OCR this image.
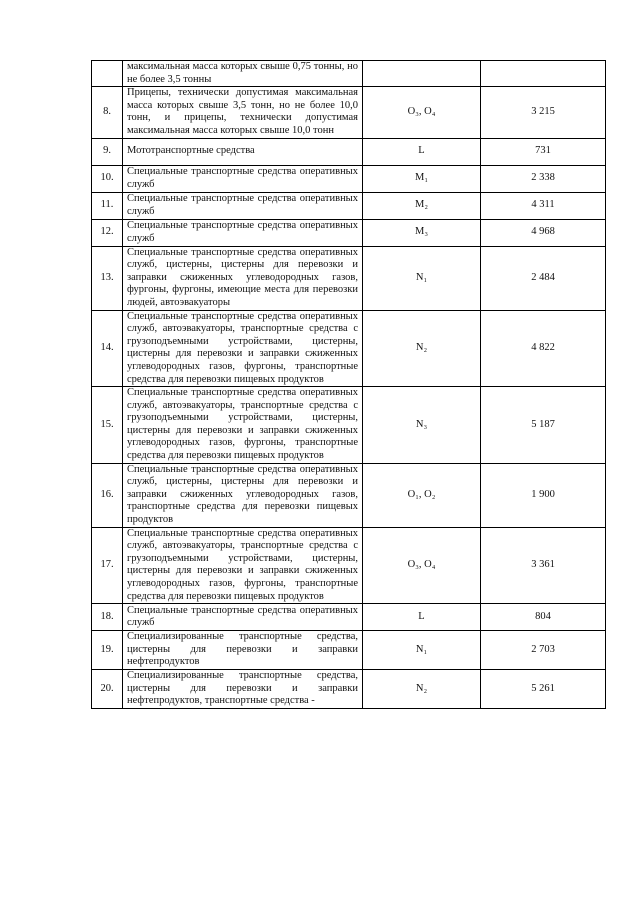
	максимальная масса которых свыше 0,75 тонны, но не более 3,5 тонны		
8.	Прицепы, технически допустимая максимальная масса которых свыше 3,5 тонн, но не более 10,0 тонн, и прицепы, технически допустимая максимальная масса которых свыше 10,0 тонн	O₃, O₄	3 215
9.	Мототранспортные средства	L	731
10.	Специальные транспортные средства оперативных служб	M₁	2 338
11.	Специальные транспортные средства оперативных служб	M₂	4 311
12.	Специальные транспортные средства оперативных служб	M₃	4 968
13.	Специальные транспортные средства оперативных служб, цистерны, цистерны для перевозки и заправки сжиженных углеводородных газов, фургоны, фургоны, имеющие места для перевозки людей, автоэвакуаторы	N₁	2 484
14.	Специальные транспортные средства оперативных служб, автоэвакуаторы, транспортные средства с грузоподъемными устройствами, цистерны, цистерны для перевозки и заправки сжиженных углеводородных газов, фургоны, транспортные средства для перевозки пищевых продуктов	N₂	4 822
15.	Специальные транспортные средства оперативных служб, автоэвакуаторы, транспортные средства с грузоподъемными устройствами, цистерны, цистерны для перевозки и заправки сжиженных углеводородных газов, фургоны, транспортные средства для перевозки пищевых продуктов	N₃	5 187
16.	Специальные транспортные средства оперативных служб, цистерны, цистерны для перевозки и заправки сжиженных углеводородных газов, транспортные средства для перевозки пищевых продуктов	O₁, O₂	1 900
17.	Специальные транспортные средства оперативных служб, автоэвакуаторы, транспортные средства с грузоподъемными устройствами, цистерны, цистерны для перевозки и заправки сжиженных углеводородных газов, фургоны, транспортные средства для перевозки пищевых продуктов	O₃, O₄	3 361
18.	Специальные транспортные средства оперативных служб	L	804
19.	Специализированные транспортные средства, цистерны для перевозки и заправки нефтепродуктов	N₁	2 703
20.	Специализированные транспортные средства, цистерны для перевозки и заправки нефтепродуктов, транспортные средства -	N₂	5 261
